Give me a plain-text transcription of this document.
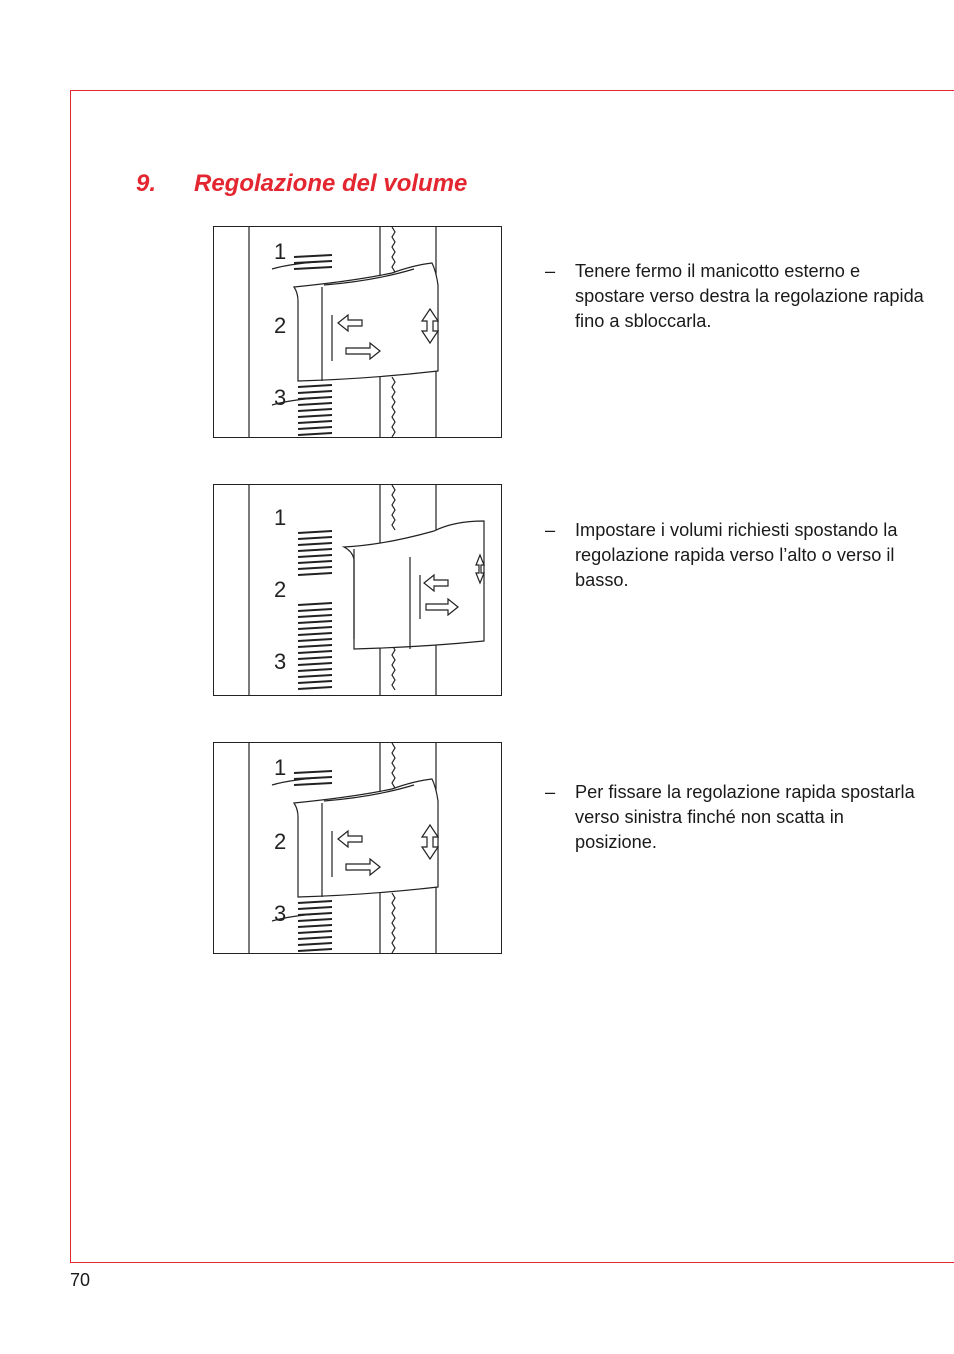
9. Regolazione del volume
1
2
3
1
2
3
1
2
3
– Tenere fermo il manicotto esterno e spostare verso destra la regolazione rapida fino a sbloccarla.
– Impostare i volumi richiesti spostando la regolazione rapida verso l’alto o verso il basso.
– Per fissare la regolazione rapida spostarla verso sinistra finché non scatta in posizione.
70
